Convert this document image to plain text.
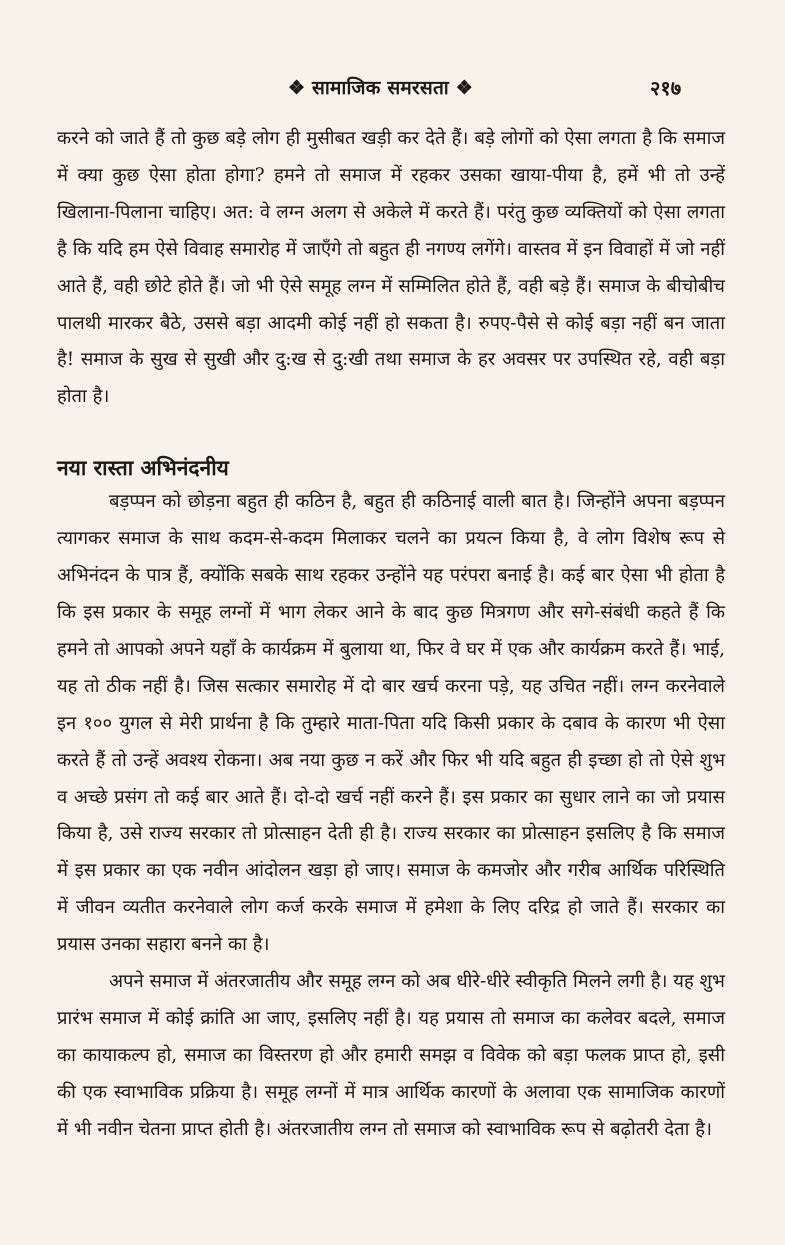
❖ सामाजिक समरसता ❖	२१७

करने को जाते हैं तो कुछ बड़े लोग ही मुसीबत खड़ी कर देते हैं। बड़े लोगों को ऐसा लगता है कि समाज में क्या कुछ ऐसा होता होगा? हमने तो समाज में रहकर उसका खाया-पीया है, हमें भी तो उन्हें खिलाना-पिलाना चाहिए। अत: वे लग्न अलग से अकेले में करते हैं। परंतु कुछ व्यक्तियों को ऐसा लगता है कि यदि हम ऐसे विवाह समारोह में जाएँगे तो बहुत ही नगण्य लगेंगे। वास्तव में इन विवाहों में जो नहीं आते हैं, वही छोटे होते हैं। जो भी ऐसे समूह लग्न में सम्मिलित होते हैं, वही बड़े हैं। समाज के बीचोबीच पालथी मारकर बैठे, उससे बड़ा आदमी कोई नहीं हो सकता है। रुपए-पैसे से कोई बड़ा नहीं बन जाता है! समाज के सुख से सुखी और दु:ख से दु:खी तथा समाज के हर अवसर पर उपस्थित रहे, वही बड़ा होता है।

नया रास्ता अभिनंदनीय

बड़प्पन को छोड़ना बहुत ही कठिन है, बहुत ही कठिनाई वाली बात है। जिन्होंने अपना बड़प्पन त्यागकर समाज के साथ कदम-से-कदम मिलाकर चलने का प्रयत्न किया है, वे लोग विशेष रूप से अभिनंदन के पात्र हैं, क्योंकि सबके साथ रहकर उन्होंने यह परंपरा बनाई है। कई बार ऐसा भी होता है कि इस प्रकार के समूह लग्नों में भाग लेकर आने के बाद कुछ मित्रगण और सगे-संबंधी कहते हैं कि हमने तो आपको अपने यहाँ के कार्यक्रम में बुलाया था, फिर वे घर में एक और कार्यक्रम करते हैं। भाई, यह तो ठीक नहीं है। जिस सत्कार समारोह में दो बार खर्च करना पड़े, यह उचित नहीं। लग्न करनेवाले इन १०० युगल से मेरी प्रार्थना है कि तुम्हारे माता-पिता यदि किसी प्रकार के दबाव के कारण भी ऐसा करते हैं तो उन्हें अवश्य रोकना। अब नया कुछ न करें और फिर भी यदि बहुत ही इच्छा हो तो ऐसे शुभ व अच्छे प्रसंग तो कई बार आते हैं। दो-दो खर्च नहीं करने हैं। इस प्रकार का सुधार लाने का जो प्रयास किया है, उसे राज्य सरकार तो प्रोत्साहन देती ही है। राज्य सरकार का प्रोत्साहन इसलिए है कि समाज में इस प्रकार का एक नवीन आंदोलन खड़ा हो जाए। समाज के कमजोर और गरीब आर्थिक परिस्थिति में जीवन व्यतीत करनेवाले लोग कर्ज करके समाज में हमेशा के लिए दरिद्र हो जाते हैं। सरकार का प्रयास उनका सहारा बनने का है।

अपने समाज में अंतरजातीय और समूह लग्न को अब धीरे-धीरे स्वीकृति मिलने लगी है। यह शुभ प्रारंभ समाज में कोई क्रांति आ जाए, इसलिए नहीं है। यह प्रयास तो समाज का कलेवर बदले, समाज का कायाकल्प हो, समाज का विस्तरण हो और हमारी समझ व विवेक को बड़ा फलक प्राप्त हो, इसी की एक स्वाभाविक प्रक्रिया है। समूह लग्नों में मात्र आर्थिक कारणों के अलावा एक सामाजिक कारणों में भी नवीन चेतना प्राप्त होती है। अंतरजातीय लग्न तो समाज को स्वाभाविक रूप से बढ़ोतरी देता है।
